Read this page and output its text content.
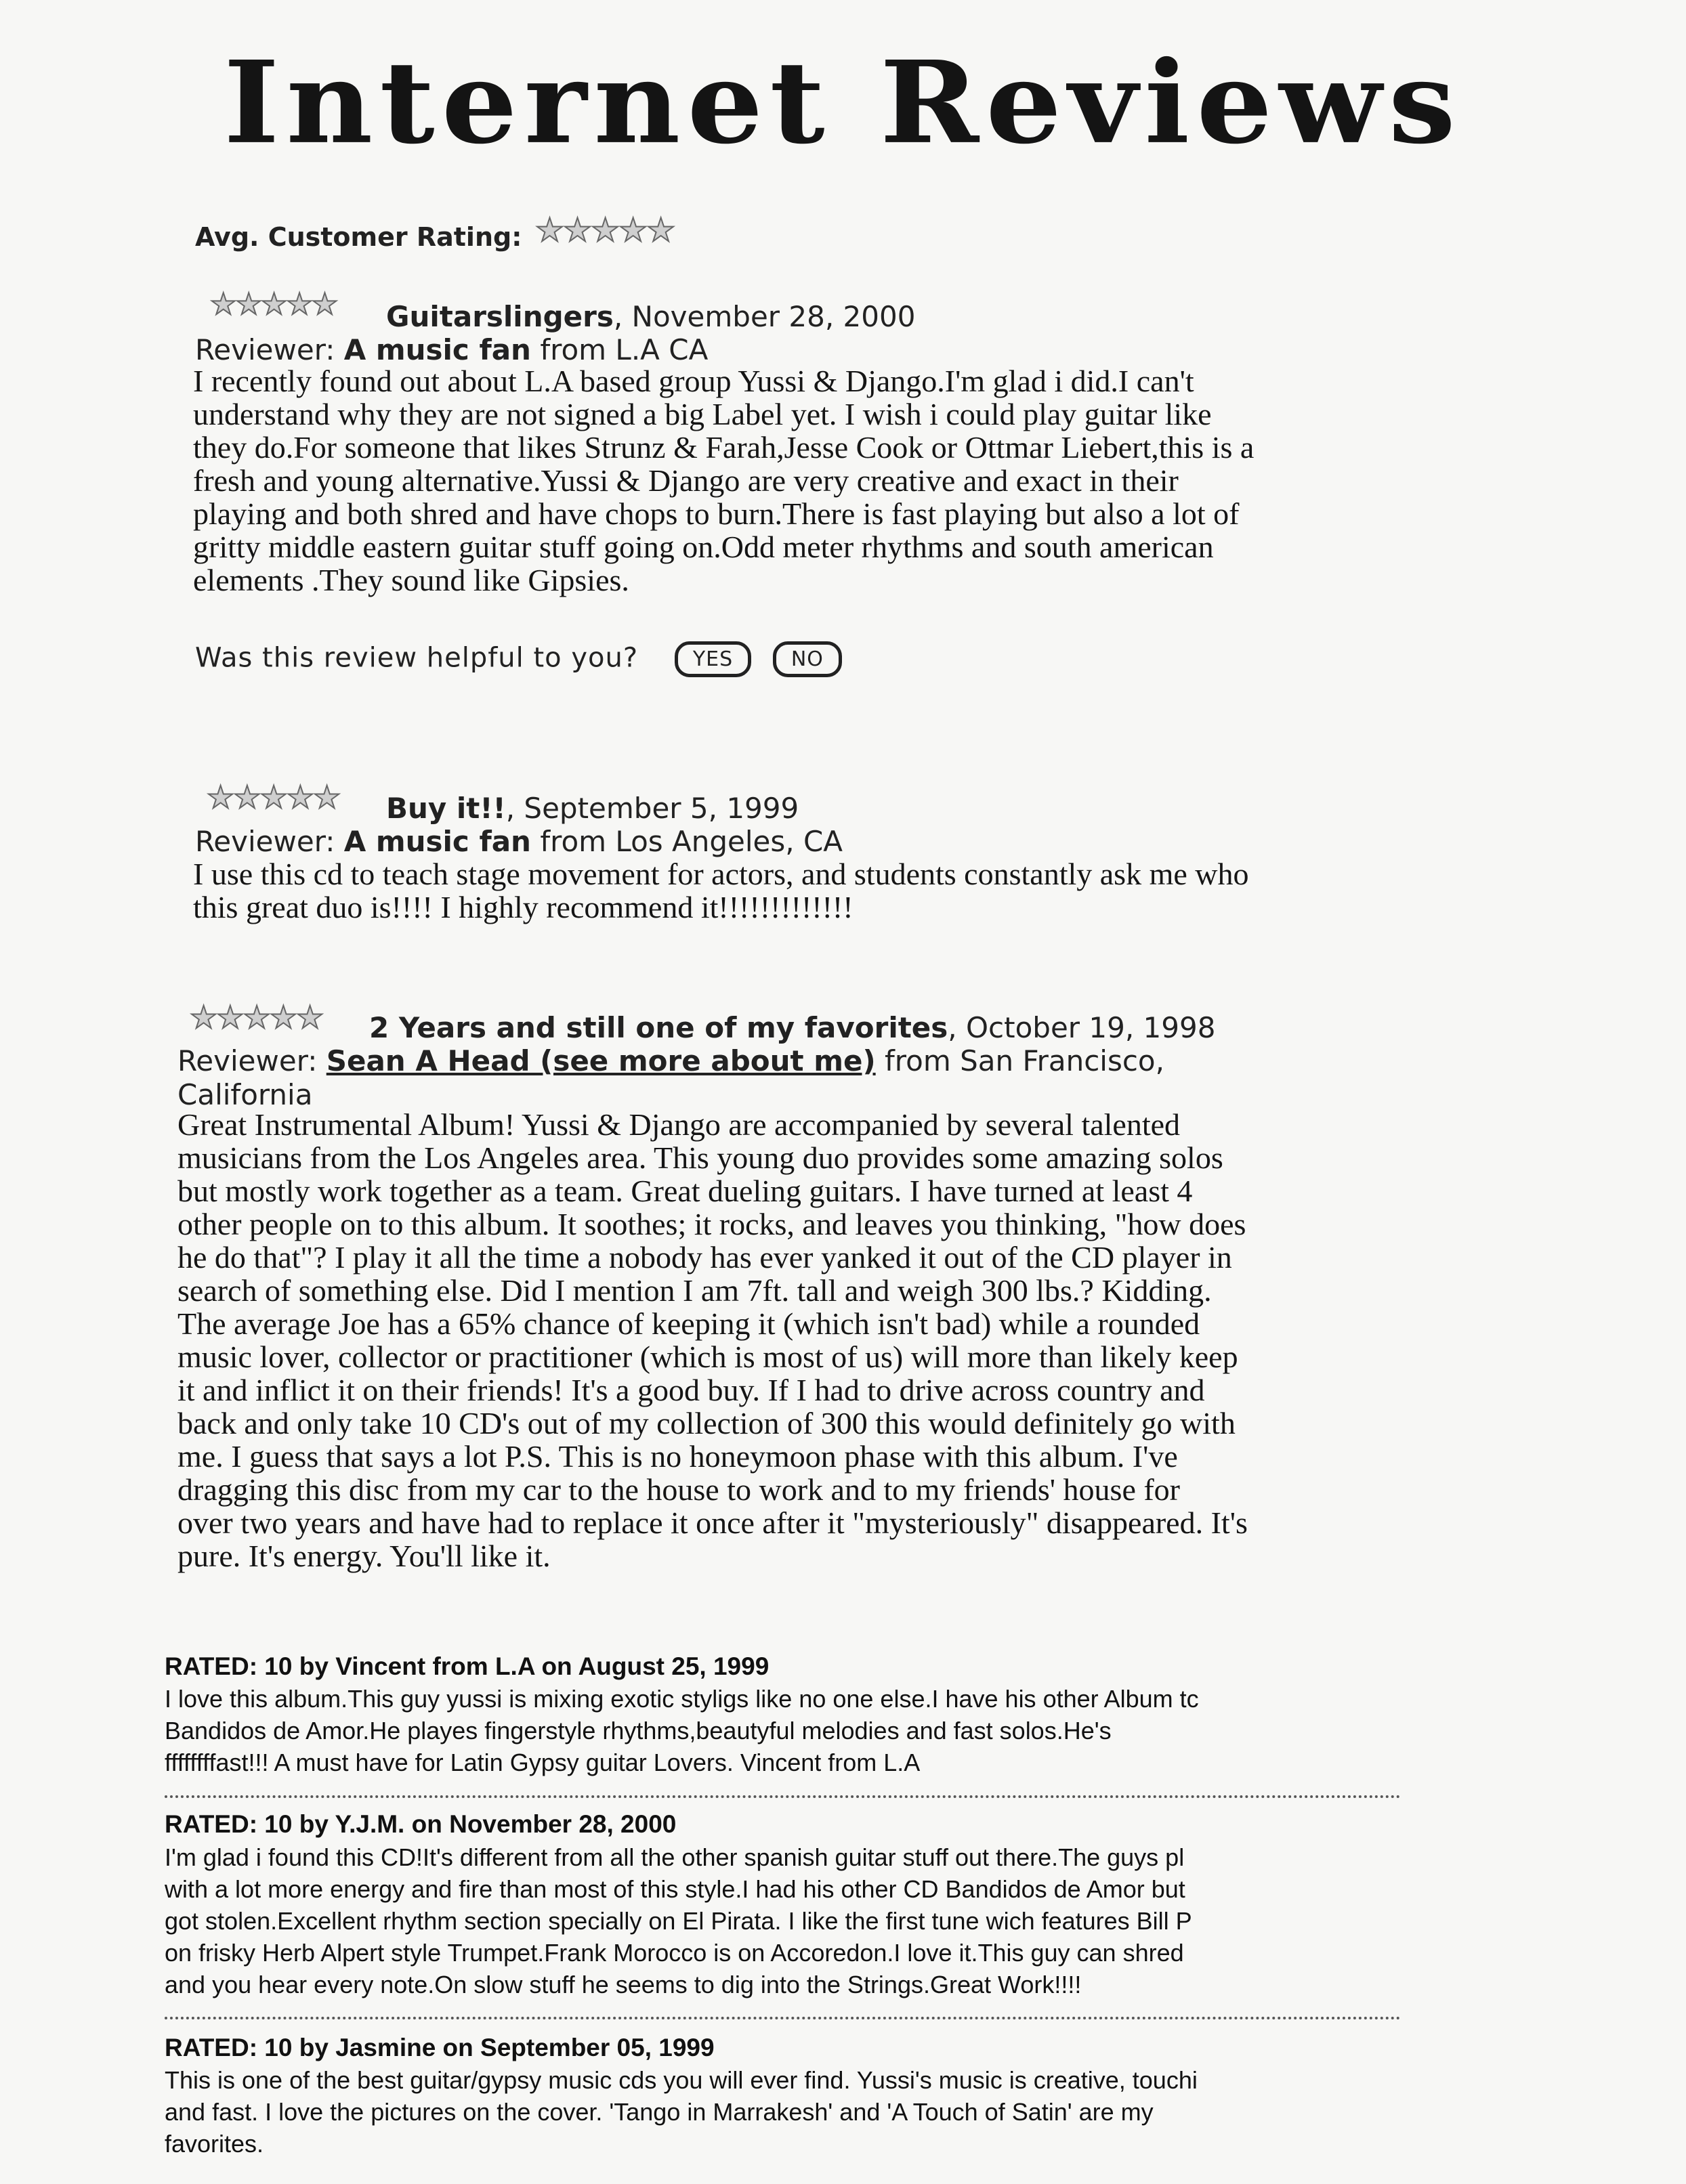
Internet Reviews
Avg. Customer Rating: ★★★★★
★★★★★ Guitarslingers, November 28, 2000
Reviewer: A music fan from L.A CA
I recently found out about L.A based group Yussi & Django.I'm glad i did.I can't
understand why they are not signed a big Label yet. I wish i could play guitar like
they do.For someone that likes Strunz & Farah,Jesse Cook or Ottmar Liebert,this is a
fresh and young alternative.Yussi & Django are very creative and exact in their
playing and both shred and have chops to burn.There is fast playing but also a lot of
gritty middle eastern guitar stuff going on.Odd meter rhythms and south american
elements .They sound like Gipsies.
Was this review helpful to you?	YES	NO
★★★★★ Buy it!!, September 5, 1999
Reviewer: A music fan from Los Angeles, CA
I use this cd to teach stage movement for actors, and students constantly ask me who
this great duo is!!!! I highly recommend it!!!!!!!!!!!!!
★★★★★ 2 Years and still one of my favorites, October 19, 1998
Reviewer: Sean A Head (see more about me) from San Francisco,
California
Great Instrumental Album! Yussi & Django are accompanied by several talented
musicians from the Los Angeles area. This young duo provides some amazing solos
but mostly work together as a team. Great dueling guitars. I have turned at least 4
other people on to this album. It soothes; it rocks, and leaves you thinking, "how does
he do that"? I play it all the time a nobody has ever yanked it out of the CD player in
search of something else. Did I mention I am 7ft. tall and weigh 300 lbs.? Kidding.
The average Joe has a 65% chance of keeping it (which isn't bad) while a rounded
music lover, collector or practitioner (which is most of us) will more than likely keep
it and inflict it on their friends! It's a good buy. If I had to drive across country and
back and only take 10 CD's out of my collection of 300 this would definitely go with
me. I guess that says a lot P.S. This is no honeymoon phase with this album. I've
dragging this disc from my car to the house to work and to my friends' house for
over two years and have had to replace it once after it "mysteriously" disappeared. It's
pure. It's energy. You'll like it.
RATED: 10 by Vincent from L.A on August 25, 1999
I love this album.This guy yussi is mixing exotic styligs like no one else.I have his other Album tc
Bandidos de Amor.He playes fingerstyle rhythms,beautyful melodies and fast solos.He's
ffffffffast!!! A must have for Latin Gypsy guitar Lovers. Vincent from L.A
RATED: 10 by Y.J.M. on November 28, 2000
I'm glad i found this CD!It's different from all the other spanish guitar stuff out there.The guys pl
with a lot more energy and fire than most of this style.I had his other CD Bandidos de Amor but
got stolen.Excellent rhythm section specially on El Pirata. I like the first tune wich features Bill P
on frisky Herb Alpert style Trumpet.Frank Morocco is on Accoredon.I love it.This guy can shred
and you hear every note.On slow stuff he seems to dig into the Strings.Great Work!!!!
RATED: 10 by Jasmine on September 05, 1999
This is one of the best guitar/gypsy music cds you will ever find. Yussi's music is creative, touchi
and fast. I love the pictures on the cover. 'Tango in Marrakesh' and 'A Touch of Satin' are my
favorites.
